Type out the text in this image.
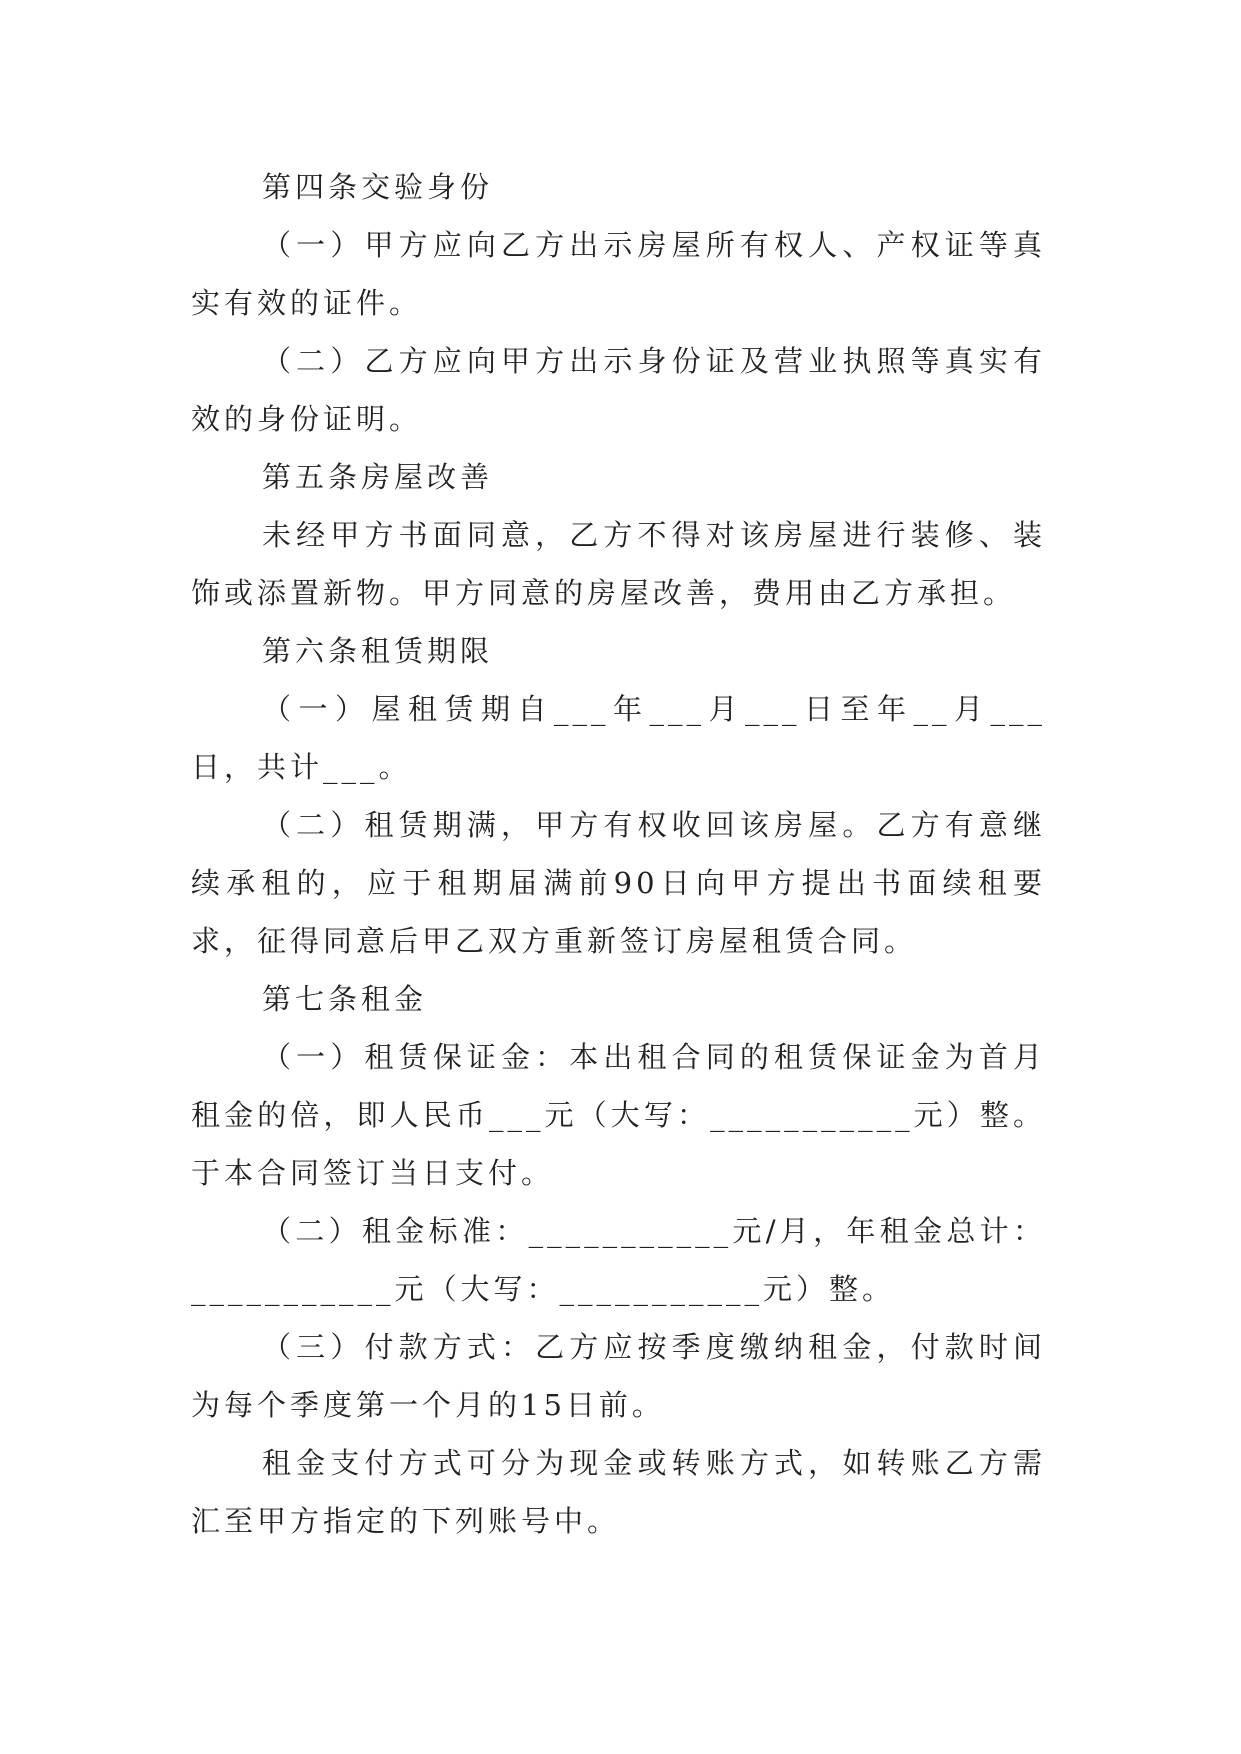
第四条交验身份

（一）甲方应向乙方出示房屋所有权人、产权证等真实有效的证件。

（二）乙方应向甲方出示身份证及营业执照等真实有效的身份证明。

第五条房屋改善

未经甲方书面同意，乙方不得对该房屋进行装修、装饰或添置新物。甲方同意的房屋改善，费用由乙方承担。

第六条租赁期限

（一）屋租赁期自___年___月___日至年__月___日，共计___。

（二）租赁期满，甲方有权收回该房屋。乙方有意继续承租的，应于租期届满前90日向甲方提出书面续租要求，征得同意后甲乙双方重新签订房屋租赁合同。

第七条租金

（一）租赁保证金：本出租合同的租赁保证金为首月租金的倍，即人民币___元（大写：___________元）整。于本合同签订当日支付。

（二）租金标准：___________元/月，年租金总计：___________元（大写：___________元）整。

（三）付款方式：乙方应按季度缴纳租金，付款时间为每个季度第一个月的15日前。

租金支付方式可分为现金或转账方式，如转账乙方需汇至甲方指定的下列账号中。
